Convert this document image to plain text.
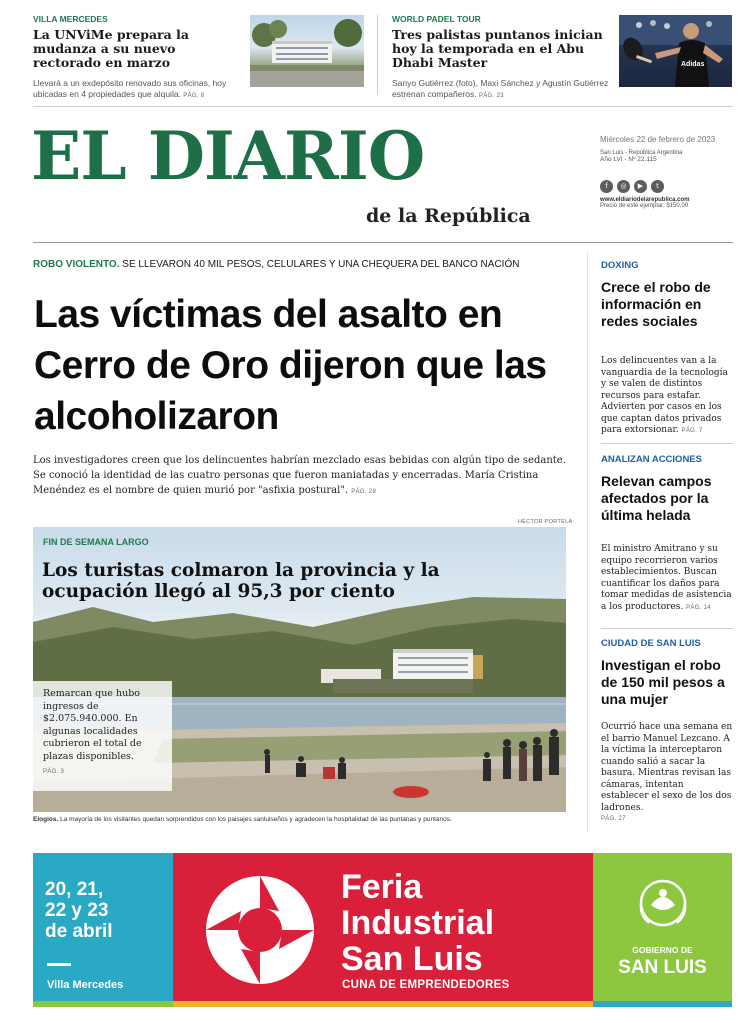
VILLA MERCEDES
La UNViMe prepara la mudanza a su nuevo rectorado en marzo
Llevará a un exdepósito renovado sus oficinas, hoy ubicadas en 4 propiedades que alquila. PÁG. 8
WORLD PADEL TOUR
Tres palistas puntanos inician hoy la temporada en el Abu Dhabi Master
Sanyo Gutiérrez (foto), Maxi Sánchez y Agustín Gutiérrez estrenan compañeros. PÁG. 23
Adidas
EL DIARIO
de la República
Miércoles 22 de febrero de 2023
San Luis - República Argentina
Año LVI - Nº 22.115
f ◎ ▶ t
www.eldiariodelarepublica.com
Precio de este ejemplar: $150,00
ROBO VIOLENTO. SE LLEVARON 40 MIL PESOS, CELULARES Y UNA CHEQUERA DEL BANCO NACIÓN
Las víctimas del asalto en Cerro de Oro dijeron que las alcoholizaron
Los investigadores creen que los delincuentes habrían mezclado esas bebidas con algún tipo de sedante. Se conoció la identidad de las cuatro personas que fueron maniatadas y encerradas. María Cristina Menéndez es el nombre de quien murió por "asfixia postural". PÁG. 28
HÉCTOR PORTELA
FIN DE SEMANA LARGO
Los turistas colmaron la provincia y la ocupación llegó al 95,3 por ciento
Remarcan que hubo ingresos de $2.075.940.000. En algunas localidades cubrieron el total de plazas disponibles.
PÁG. 3
Elogios. La mayoría de los visitantes quedan sorprendidos con los paisajes sanluiseños y agradecen la hospitalidad de las puntanas y puntanos.
DOXING
Crece el robo de información en redes sociales
Los delincuentes van a la vanguardia de la tecnología y se valen de distintos recursos para estafar. Advierten por casos en los que captan datos privados para extorsionar. PÁG. 7
ANALIZAN ACCIONES
Relevan campos afectados por la última helada
El ministro Amitrano y su equipo recorrieron varios establecimientos. Buscan cuantificar los daños para tomar medidas de asistencia a los productores. PÁG. 14
CIUDAD DE SAN LUIS
Investigan el robo de 150 mil pesos a una mujer
Ocurrió hace una semana en el barrio Manuel Lezcano. A la víctima la interceptaron cuando salió a sacar la basura. Mientras revisan las cámaras, intentan establecer el sexo de los dos ladrones.
PÁG. 27
20, 21,
22 y 23
de abril
Villa Mercedes
Feria
Industrial
San Luis
CUNA DE EMPRENDEDORES
GOBIERNO DE
SAN LUIS
